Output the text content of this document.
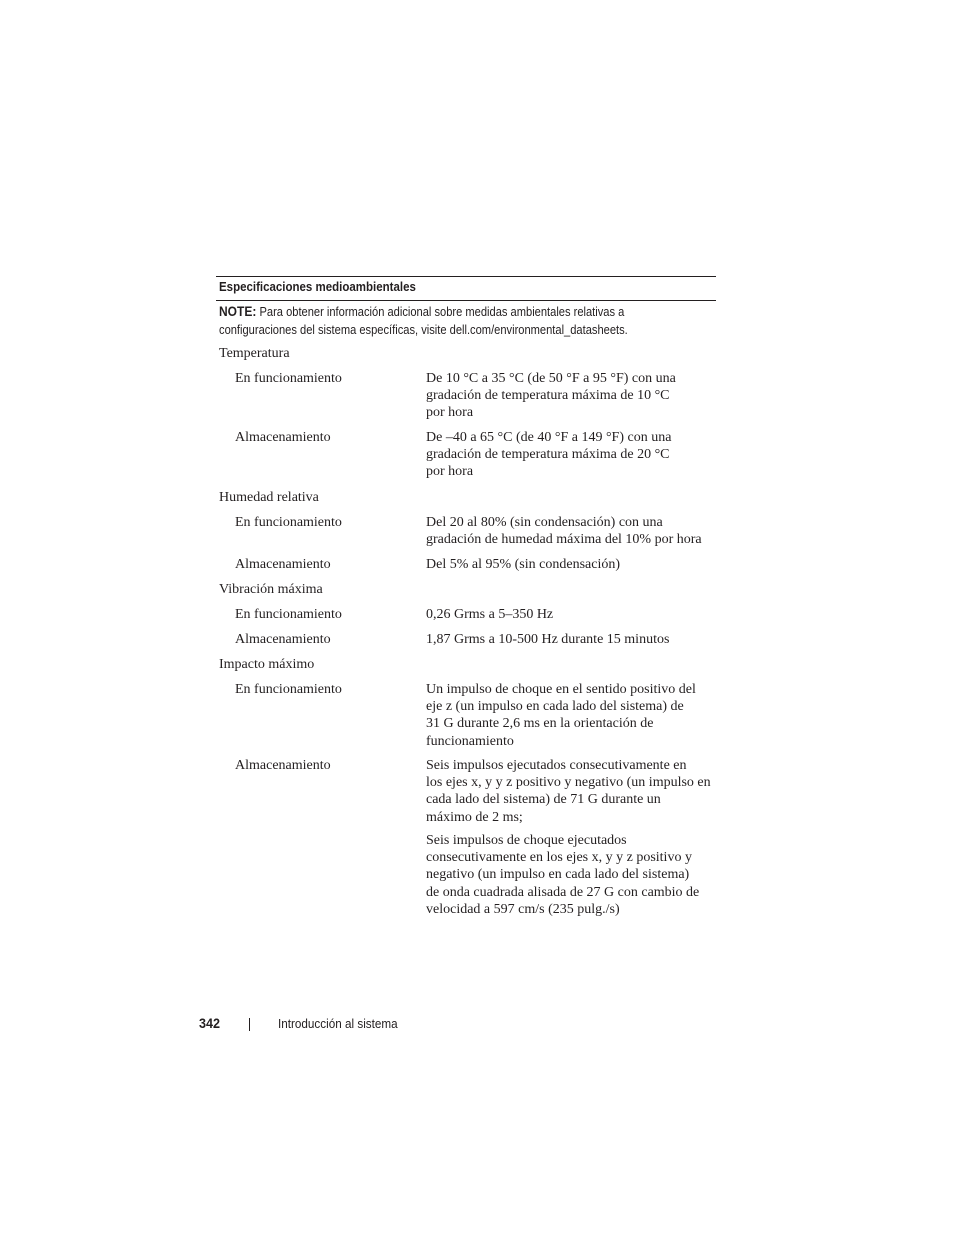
Especificaciones medioambientales
NOTE: Para obtener información adicional sobre medidas ambientales relativas a
configuraciones del sistema específicas, visite dell.com/environmental_datasheets.
Temperatura
En funcionamiento	De 10 °C a 35 °C (de 50 °F a 95 °F) con una
gradación de temperatura máxima de 10 °C
por hora
Almacenamiento	De –40 a 65 °C (de 40 °F a 149 °F) con una
gradación de temperatura máxima de 20 °C
por hora
Humedad relativa
En funcionamiento	Del 20 al 80% (sin condensación) con una
gradación de humedad máxima del 10% por hora
Almacenamiento	Del 5% al 95% (sin condensación)
Vibración máxima
En funcionamiento	0,26 Grms a 5–350 Hz
Almacenamiento	1,87 Grms a 10-500 Hz durante 15 minutos
Impacto máximo
En funcionamiento	Un impulso de choque en el sentido positivo del
eje z (un impulso en cada lado del sistema) de
31 G durante 2,6 ms en la orientación de
funcionamiento
Almacenamiento	Seis impulsos ejecutados consecutivamente en
los ejes x, y y z positivo y negativo (un impulso en
cada lado del sistema) de 71 G durante un
máximo de 2 ms;
Seis impulsos de choque ejecutados
consecutivamente en los ejes x, y y z positivo y
negativo (un impulso en cada lado del sistema)
de onda cuadrada alisada de 27 G con cambio de
velocidad a 597 cm/s (235 pulg./s)
342	Introducción al sistema
